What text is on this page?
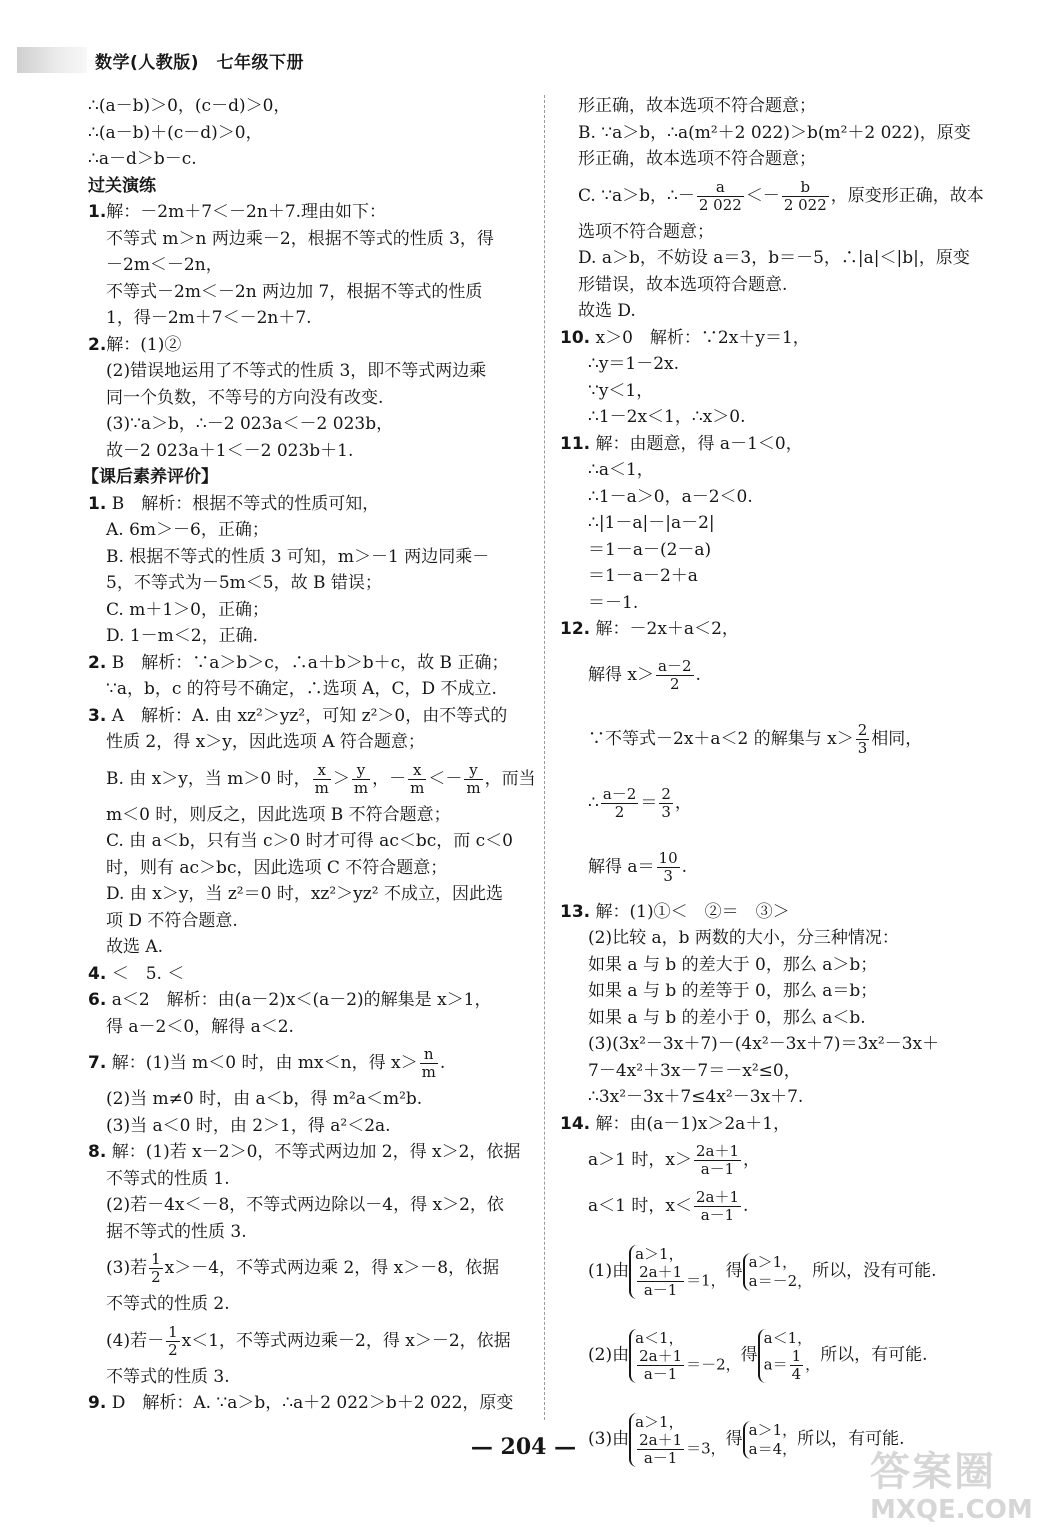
数学(人教版)　七年级下册
∴(a－b)＞0，(c－d)＞0，
∴(a－b)＋(c－d)＞0，
∴a－d＞b－c.
过关演练
1.解：－2m＋7＜－2n＋7.理由如下：
不等式 m＞n 两边乘－2，根据不等式的性质 3，得
－2m＜－2n，
不等式－2m＜－2n 两边加 7，根据不等式的性质
1，得－2m＋7＜－2n＋7.
2.解：(1)②
(2)错误地运用了不等式的性质 3，即不等式两边乘
同一个负数，不等号的方向没有改变.
(3)∵a＞b，∴－2 023a＜－2 023b，
故－2 023a＋1＜－2 023b＋1.
【课后素养评价】
1. B　解析：根据不等式的性质可知，
A. 6m＞－6，正确；
B. 根据不等式的性质 3 可知，m＞－1 两边同乘－
5，不等式为－5m＜5，故 B 错误；
C. m＋1＞0，正确；
D. 1－m＜2，正确.
2. B　解析：∵a＞b＞c，∴a＋b＞b＋c，故 B 正确；
∵a，b，c 的符号不确定，∴选项 A，C，D 不成立.
3. A　解析：A. 由 xz²＞yz²，可知 z²＞0，由不等式的
性质 2，得 x＞y，因此选项 A 符合题意；
B. 由 x＞y，当 m＞0 时， $\frac{x}{m} > \frac{y}{m}$ ，－ $\frac{x}{m} <- \frac{y}{m}$ ，而当
m＜0 时，则反之，因此选项 B 不符合题意；
C. 由 a＜b，只有当 c＞0 时才可得 ac＜bc，而 c＜0
时，则有 ac＞bc，因此选项 C 不符合题意；
D. 由 x＞y，当 z²＝0 时，xz²＞yz² 不成立，因此选
项 D 不符合题意.
故选 A.
4. ＜　5. ＜
6. a＜2　解析：由(a－2)x＜(a－2)的解集是 x＞1，
得 a－2＜0，解得 a＜2.
7. 解：(1)当 m＜0 时，由 mx＜n，得 $x> \frac{n}{m}$ .
(2)当 m≠0 时，由 a＜b，得 m²a＜m²b.
(3)当 a＜0 时，由 2＞1，得 a²＜2a.
8. 解：(1)若 x－2＞0，不等式两边加 2，得 x＞2，依据
不等式的性质 1.
(2)若－4x＜－8，不等式两边除以－4，得 x＞2，依
据不等式的性质 3.
(3)若 $\frac{1}{2} x>-4$，不等式两边乘 2，得 x＞－8，依据
不等式的性质 2.
(4)若－ $\frac{1}{2} x<1$，不等式两边乘－2，得 x＞－2，依据
不等式的性质 3.
9. D　解析：A. ∵a＞b，∴a＋2 022＞b＋2 022，原变
形正确，故本选项不符合题意；
B. ∵a＞b，∴a(m²＋2 022)＞b(m²＋2 022)，原变
形正确，故本选项不符合题意；
C. ∵a＞b，∴－ $\frac{a}{2 022} <- \frac{b}{2 022}$ ，原变形正确，故本
选项不符合题意；
D. a＞b，不妨设 a＝3，b＝－5，∴|a|＜|b|，原变
形错误，故本选项符合题意.
故选 D.
10. x＞0　解析：∵2x＋y＝1，
∴y＝1－2x.
∵y＜1，
∴1－2x＜1，∴x＞0.
11. 解：由题意，得 a－1＜0，
∴a＜1，
∴1－a＞0，a－2＜0.
∴|1－a|－|a－2|
＝1－a－(2－a)
＝1－a－2＋a
＝－1.
12. 解：－2x＋a＜2，
解得 $x> \frac{a-2}{2}$ .
∵不等式－2x＋a＜2 的解集与 $x> \frac{2}{3}$ 相同，
∴ $\frac{a-2}{2} = \frac{2}{3}$ ，
解得 $a= \frac{10}{3}$ .
13. 解：(1)①＜　②＝　③＞
(2)比较 a，b 两数的大小，分三种情况：
如果 a 与 b 的差大于 0，那么 a＞b；
如果 a 与 b 的差等于 0，那么 a＝b；
如果 a 与 b 的差小于 0，那么 a＜b.
(3)(3x²－3x＋7)－(4x²－3x＋7)＝3x²－3x＋
7－4x²＋3x－7＝－x²≤0，
∴3x²－3x＋7≤4x²－3x＋7.
14. 解：由(a－1)x＞2a＋1，
a＞1 时，$x> \frac{2a+1}{a-1}$ ，
a＜1 时，$x< \frac{2a+1}{a-1}$ .
(1)由
a＞1，
$\frac{2a+1}{a-1} =1$， 得 a＞1，
a＝－2， 所以，没有可能.
(2)由
a＜1，
$\frac{2a+1}{a-1} =-2$， 得
a＜1，
$a= \frac{1}{4}$ ， 所以，有可能.
(3)由
a＞1，
$\frac{2a+1}{a-1} =3$， 得 a＞1，
a＝4， 所以，有可能.
— 204 —
答案圈
MXQE.COM
